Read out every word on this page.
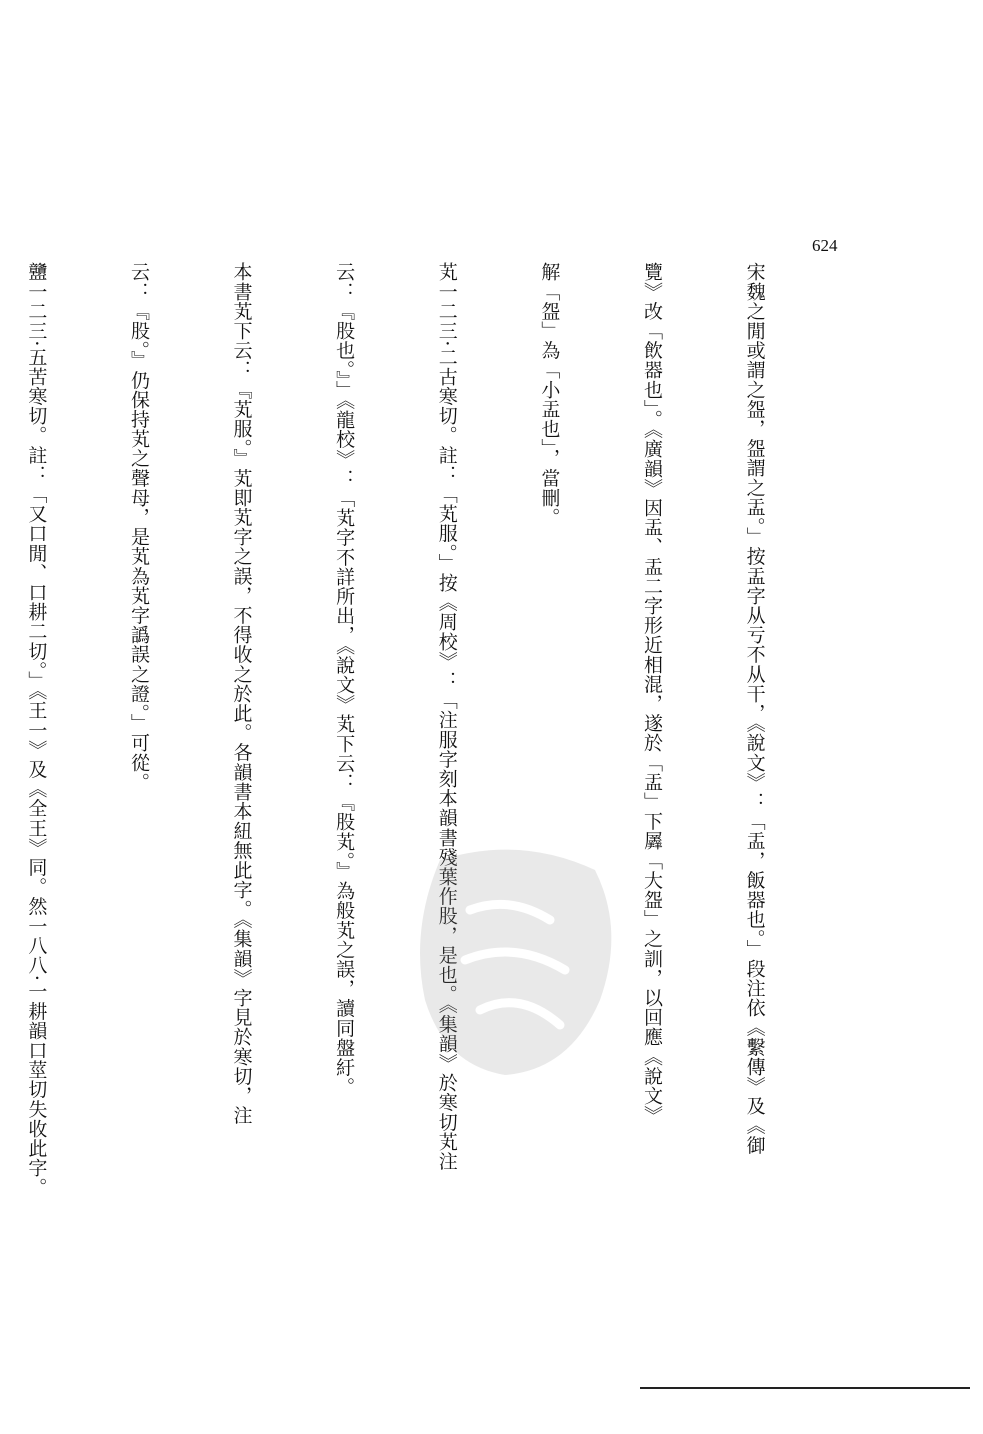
624

宋魏之閒或謂之盌，盌謂之盂。」按盂字从亏不从干，《說文》：「盂，飯器也。」段注依《繫傳》及《御

覽》改「飲器也」。《廣韻》因盂、盂二字形近相混，遂於「盂」下羼「大盌」之訓，以回應《說文》

解「盌」為「小盂也」，當刪。

芄一二三·二古寒切。註：「芄服。」按《周校》：「注服字刻本韻書殘葉作股，是也。《集韻》於寒切芄注

云：『股也。』」《龍校》：「芄字不詳所出，《說文》芄下云：『股芄。』為般芄之誤，讀同盤紆。

本書芄下云：『芄服。』芄即芄字之誤，不得收之於此。各韻書本紐無此字。《集韻》字見於寒切，注

云：『股。』仍保持芄之聲母，是芄為芄字譌誤之證。」可從。

䀍一二三·五苦寒切。註：「又口閒、口耕二切。」《王一》及《全王》同。然一八八·一耕韻口莖切失收此字。
